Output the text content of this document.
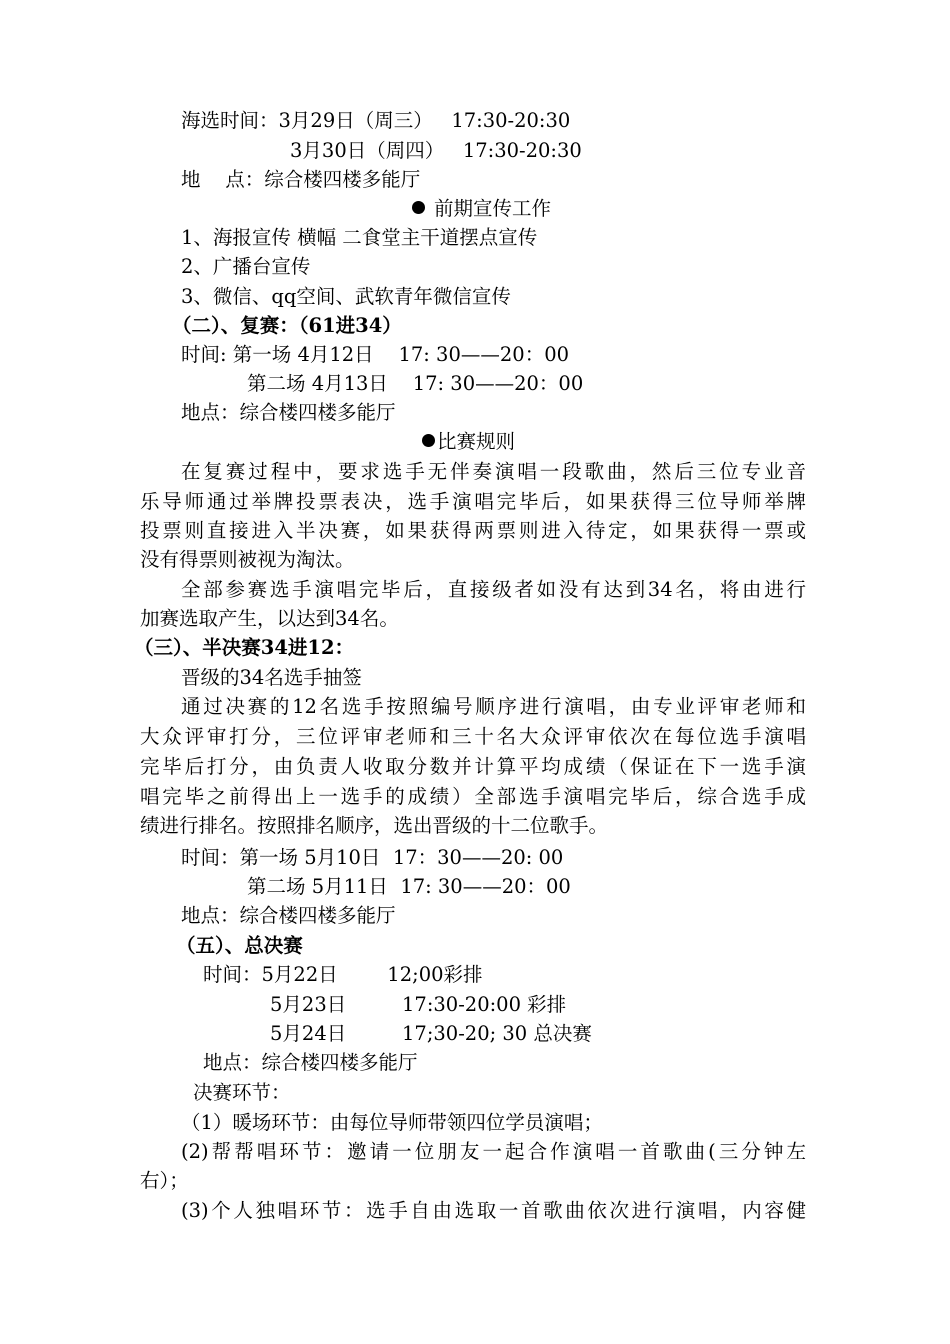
海选时间：3月29日（周三）   17:30-20:30
3月30日（周四）   17:30-20:30
地    点：综合楼四楼多能厅
前期宣传工作
1、海报宣传 横幅 二食堂主干道摆点宣传
2、广播台宣传
3、微信、qq空间、武软青年微信宣传
（二）、复赛：（61进34）
时间: 第一场 4月12日    17: 30——20：00
第二场 4月13日    17: 30——20：00
地点：综合楼四楼多能厅
比赛规则
在复赛过程中，要求选手无伴奏演唱一段歌曲，然后三位专业音
乐导师通过举牌投票表决，选手演唱完毕后，如果获得三位导师举牌
投票则直接进入半决赛，如果获得两票则进入待定，如果获得一票或
没有得票则被视为淘汰。
全部参赛选手演唱完毕后，直接级者如没有达到34名，将由进行
加赛选取产生，以达到34名。
（三）、半决赛34进12：
晋级的34名选手抽签
通过决赛的12名选手按照编号顺序进行演唱，由专业评审老师和
大众评审打分，三位评审老师和三十名大众评审依次在每位选手演唱
完毕后打分，由负责人收取分数并计算平均成绩（保证在下一选手演
唱完毕之前得出上一选手的成绩）全部选手演唱完毕后，综合选手成
绩进行排名。按照排名顺序，选出晋级的十二位歌手。
时间：第一场 5月10日  17：30——20: 00
第二场 5月11日  17: 30——20：00
地点：综合楼四楼多能厅
（五）、总决赛
时间：5月22日        12;00彩排
5月23日         17:30-20:00 彩排
5月24日         17;30-20; 30 总决赛
地点：综合楼四楼多能厅
决赛环节：
（1）暖场环节：由每位导师带领四位学员演唱；
(2)帮帮唱环节：邀请一位朋友一起合作演唱一首歌曲(三分钟左
右）；
(3)个人独唱环节：选手自由选取一首歌曲依次进行演唱，内容健
